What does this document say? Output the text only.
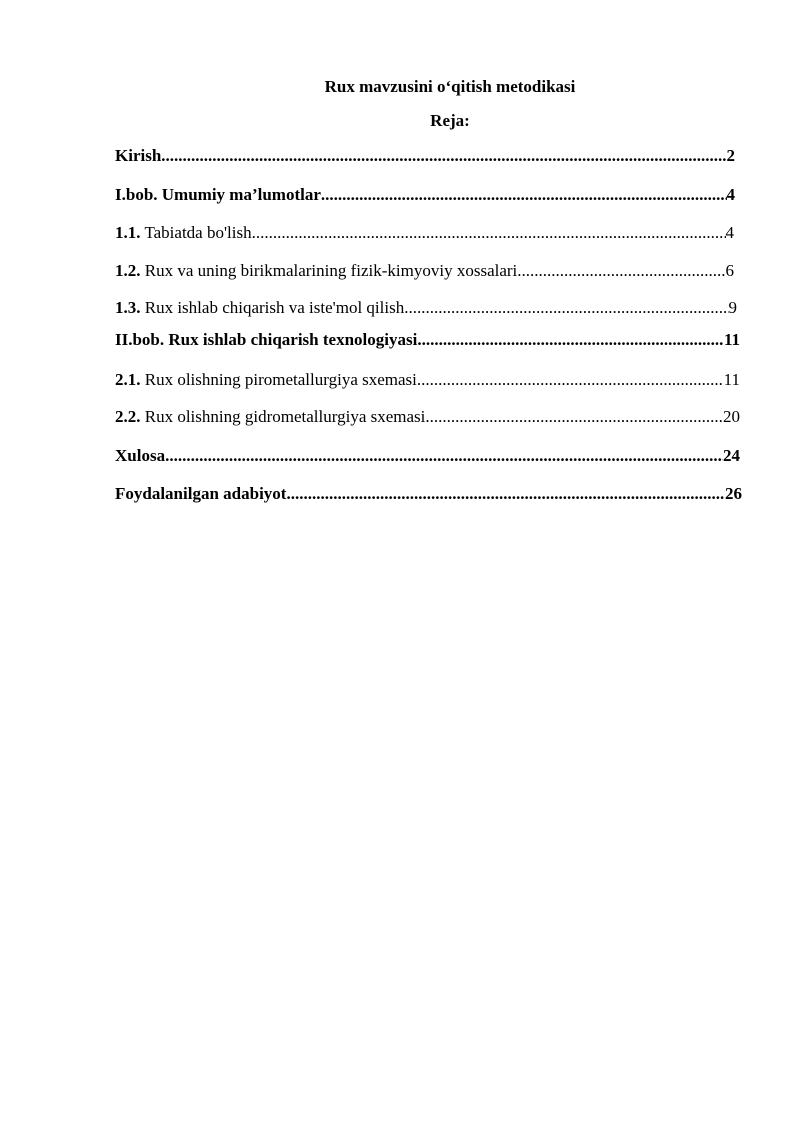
Rux mavzusini o‘qitish metodikasi
Reja:
Kirish .....	2
I.bob. Umumiy ma’lumotlar .....	4
1.1. Tabiatda bo'lish .....	4
1.2. Rux va uning birikmalarining fizik-kimyoviy xossalari .....	6
1.3. Rux ishlab chiqarish va iste'mol qilish .....	9
II.bob. Rux ishlab chiqarish texnologiyasi .....	11
2.1. Rux olishning pirometallurgiya sxemasi .....	11
2.2. Rux olishning gidrometallurgiya sxemasi .....	20
Xulosa .....	24
Foydalanilgan adabiyot .....	26
